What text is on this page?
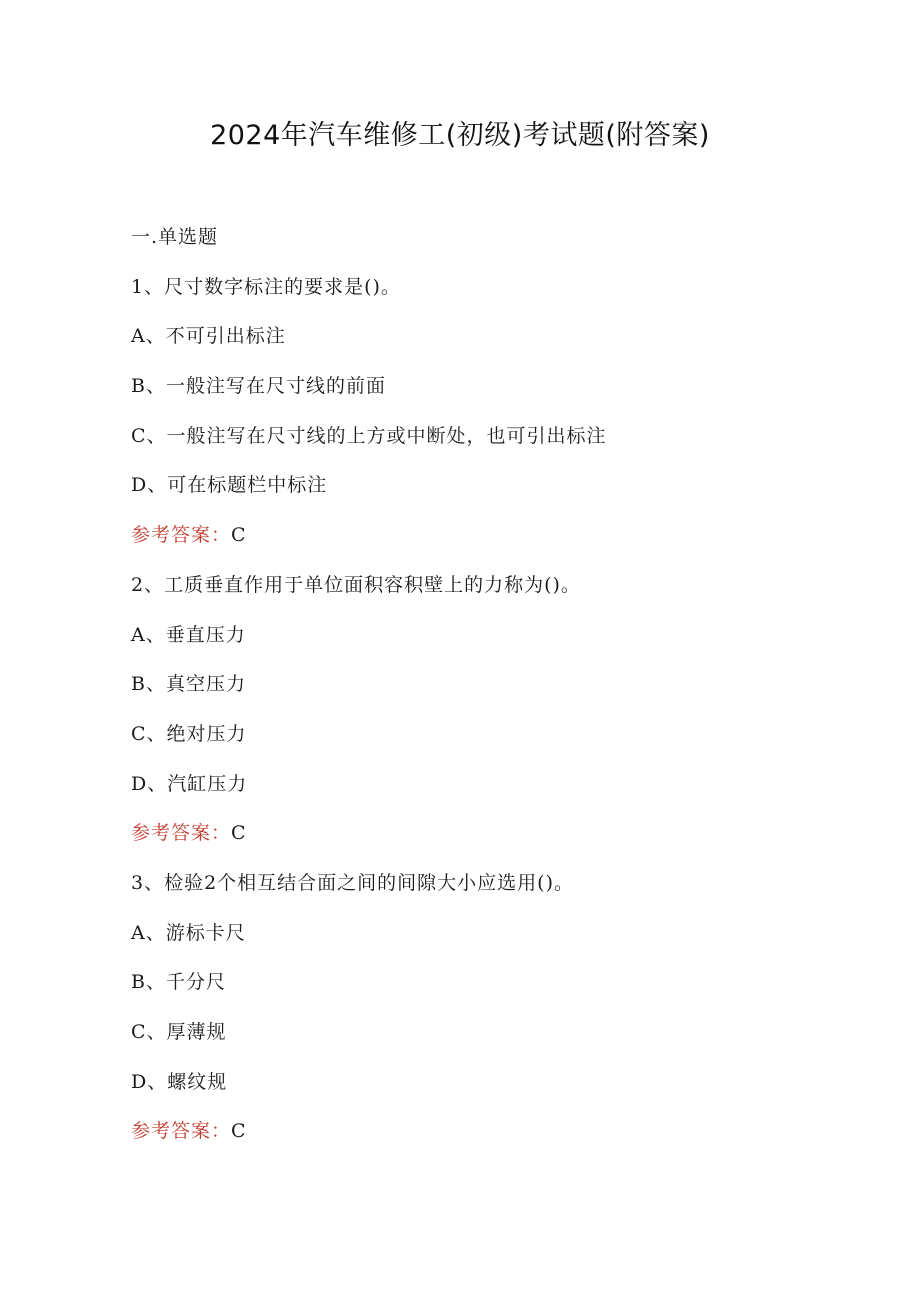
2024年汽车维修工(初级)考试题(附答案)
一.单选题
1、尺寸数字标注的要求是()。
A、不可引出标注
B、一般注写在尺寸线的前面
C、一般注写在尺寸线的上方或中断处，也可引出标注
D、可在标题栏中标注
参考答案：C
2、工质垂直作用于单位面积容积壁上的力称为()。
A、垂直压力
B、真空压力
C、绝对压力
D、汽缸压力
参考答案：C
3、检验2个相互结合面之间的间隙大小应选用()。
A、游标卡尺
B、千分尺
C、厚薄规
D、螺纹规
参考答案：C
